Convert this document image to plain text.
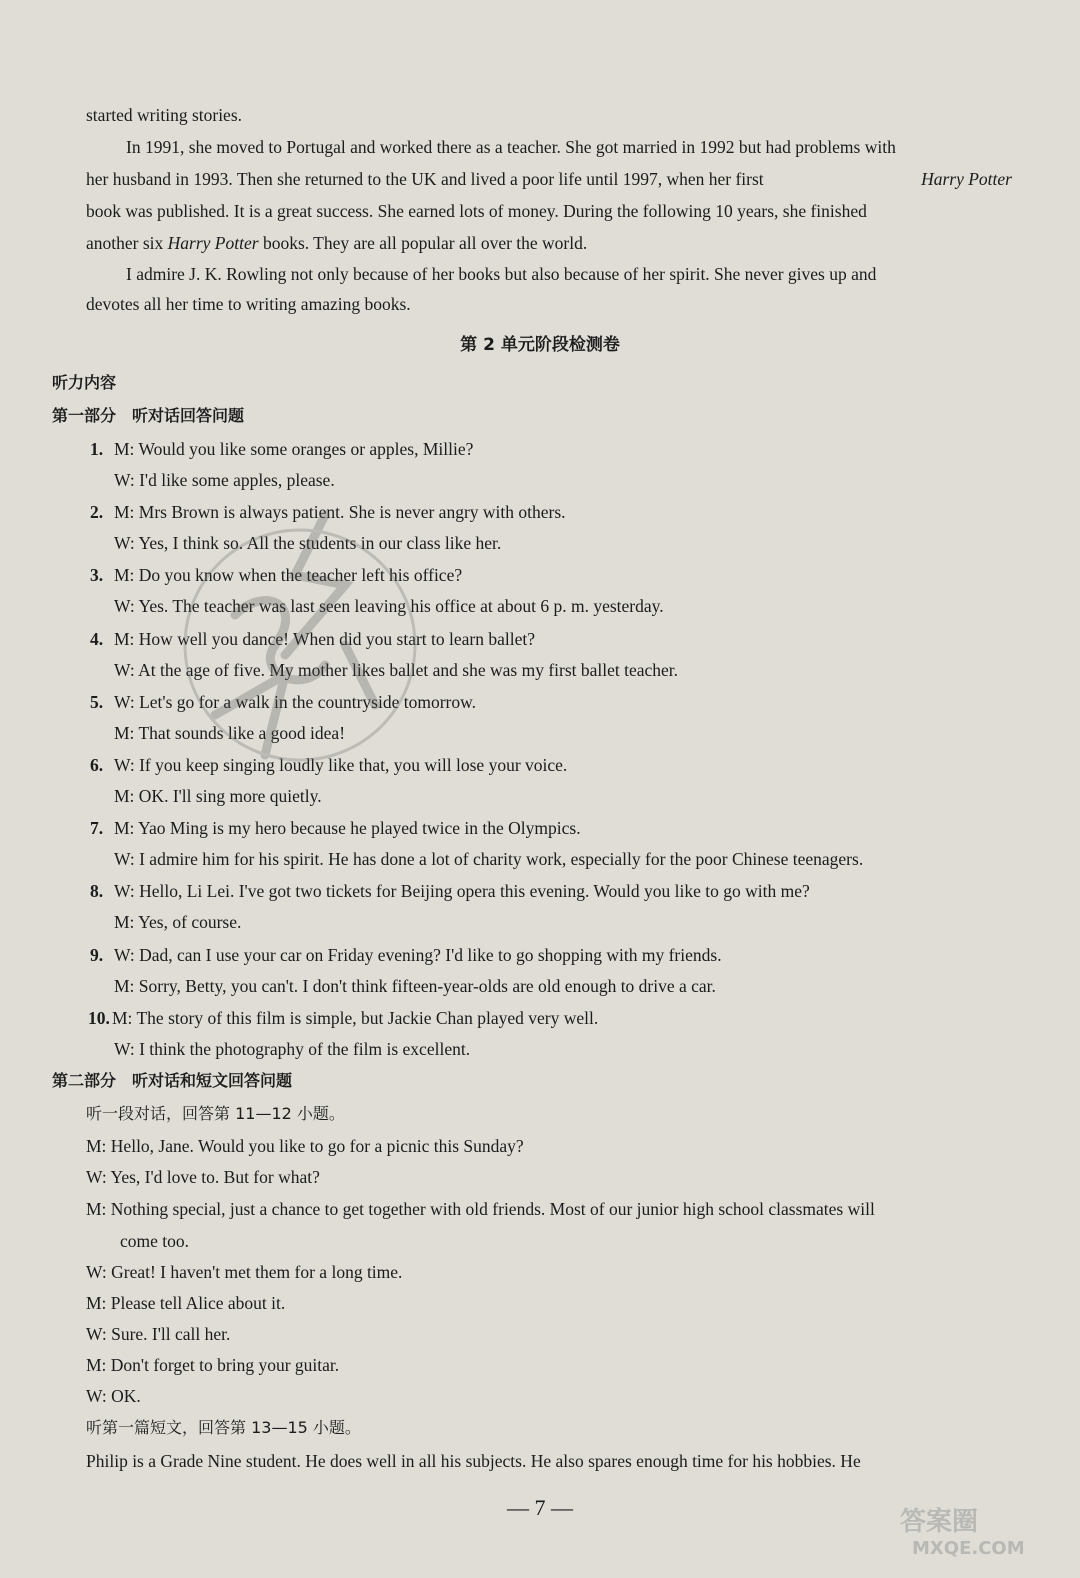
started writing stories.
In 1991, she moved to Portugal and worked there as a teacher. She got married in 1992 but had problems with
her husband in 1993. Then she returned to the UK and lived a poor life until 1997, when her first	Harry Potter
book was published. It is a great success. She earned lots of money. During the following 10 years, she finished
another six Harry Potter books. They are all popular all over the world.
I admire J. K. Rowling not only because of her books but also because of her spirit. She never gives up and
devotes all her time to writing amazing books.
第 2 单元阶段检测卷
听力内容
第一部分　听对话回答问题
1. M: Would you like some oranges or apples, Millie?
W: I'd like some apples, please.
2. M: Mrs Brown is always patient. She is never angry with others.
W: Yes, I think so. All the students in our class like her.
3. M: Do you know when the teacher left his office?
W: Yes. The teacher was last seen leaving his office at about 6 p. m. yesterday.
4. M: How well you dance! When did you start to learn ballet?
W: At the age of five. My mother likes ballet and she was my first ballet teacher.
5. W: Let's go for a walk in the countryside tomorrow.
M: That sounds like a good idea!
6. W: If you keep singing loudly like that, you will lose your voice.
M: OK. I'll sing more quietly.
7. M: Yao Ming is my hero because he played twice in the Olympics.
W: I admire him for his spirit. He has done a lot of charity work, especially for the poor Chinese teenagers.
8. W: Hello, Li Lei. I've got two tickets for Beijing opera this evening. Would you like to go with me?
M: Yes, of course.
9. W: Dad, can I use your car on Friday evening? I'd like to go shopping with my friends.
M: Sorry, Betty, you can't. I don't think fifteen-year-olds are old enough to drive a car.
10. M: The story of this film is simple, but Jackie Chan played very well.
W: I think the photography of the film is excellent.
第二部分　听对话和短文回答问题
听一段对话，回答第 11—12 小题。
M: Hello, Jane. Would you like to go for a picnic this Sunday?
W: Yes, I'd love to. But for what?
M: Nothing special, just a chance to get together with old friends. Most of our junior high school classmates will
come too.
W: Great! I haven't met them for a long time.
M: Please tell Alice about it.
W: Sure. I'll call her.
M: Don't forget to bring your guitar.
W: OK.
听第一篇短文，回答第 13—15 小题。
Philip is a Grade Nine student. He does well in all his subjects. He also spares enough time for his hobbies. He
— 7 —	答案圈
MXQE.COM
